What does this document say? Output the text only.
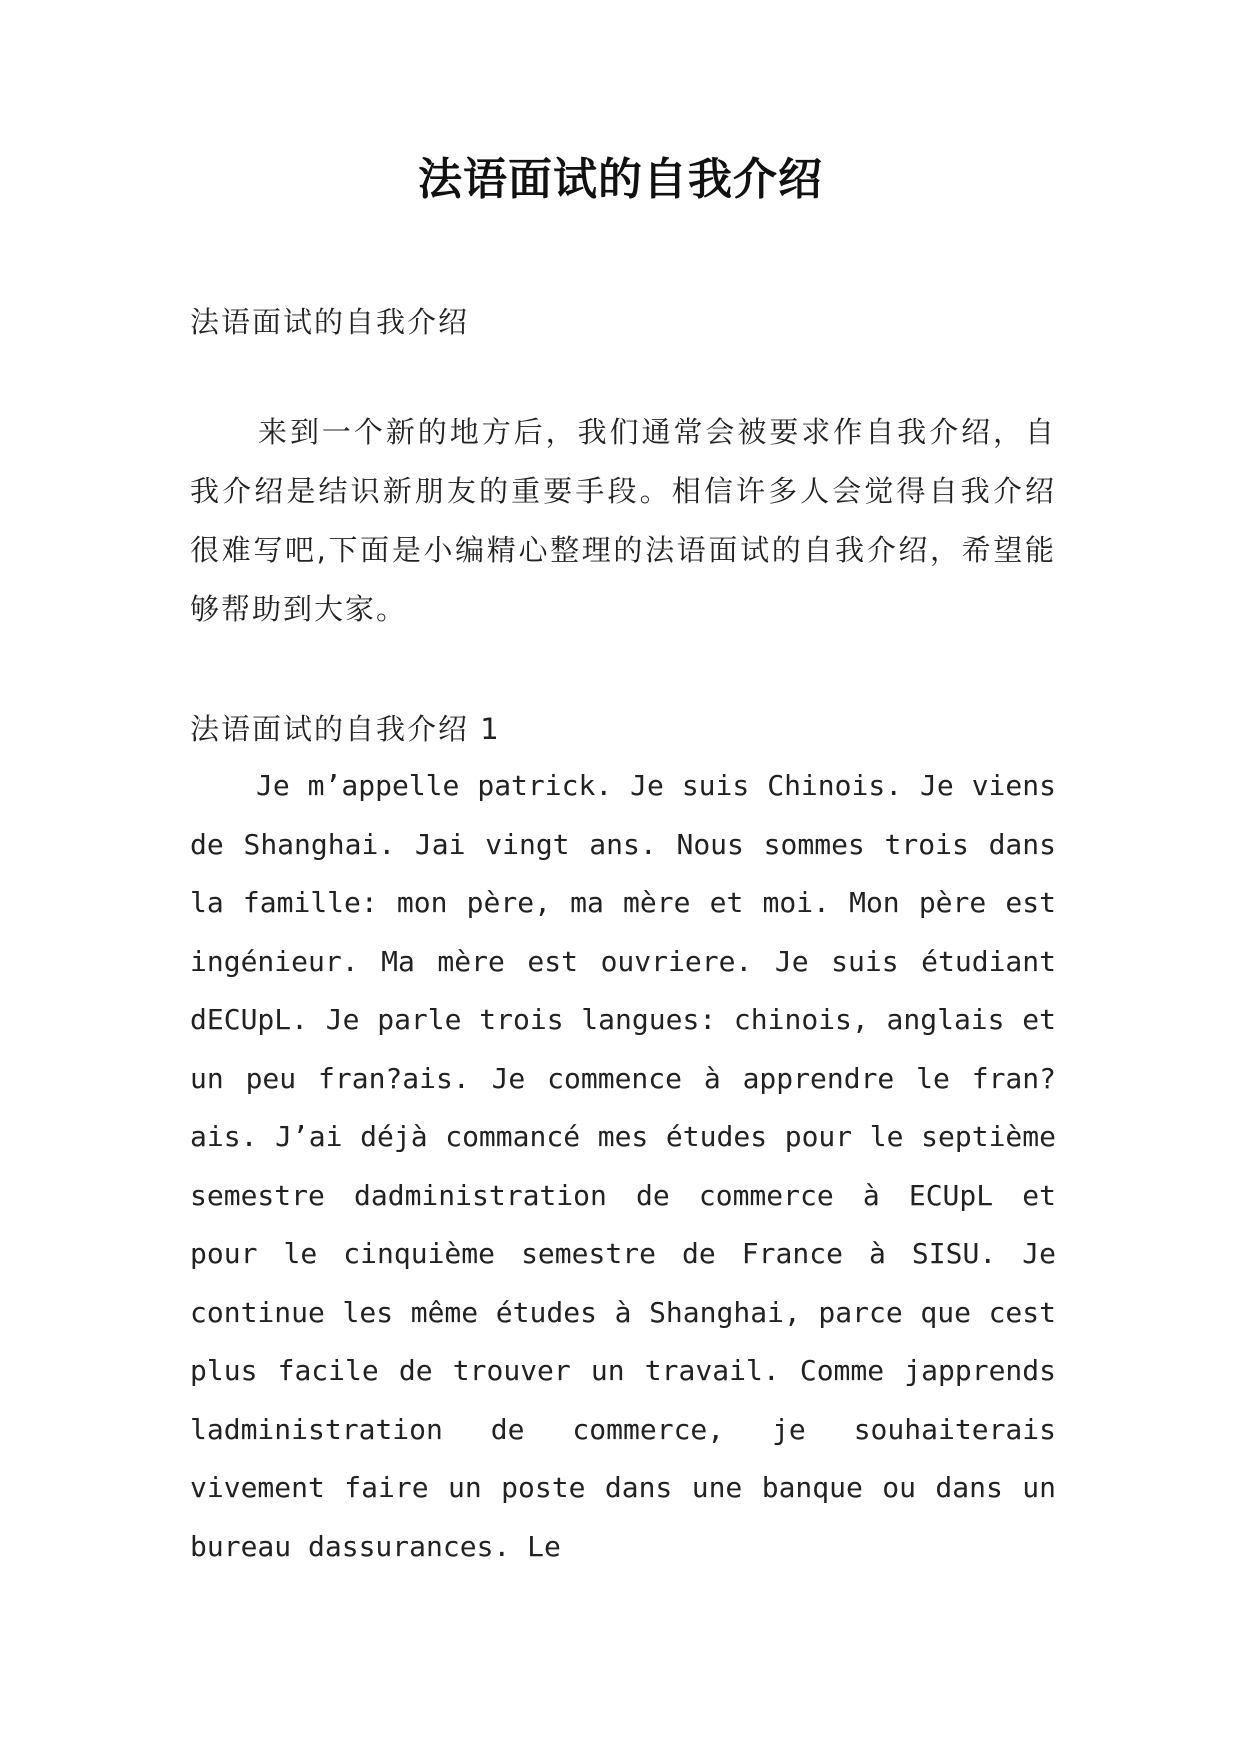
法语面试的自我介绍

法语面试的自我介绍

来到一个新的地方后，我们通常会被要求作自我介绍，自我介绍是结识新朋友的重要手段。相信许多人会觉得自我介绍很难写吧,下面是小编精心整理的法语面试的自我介绍，希望能够帮助到大家。

法语面试的自我介绍 1

Je m’appelle patrick. Je suis Chinois. Je viens de Shanghai. Jai vingt ans. Nous sommes trois dans la famille: mon père, ma mère et moi. Mon père est ingénieur. Ma mère est ouvriere. Je suis étudiant dECUpL. Je parle trois langues: chinois, anglais et un peu fran?ais. Je commence à apprendre le fran?ais. J’ai déjà commancé mes études pour le septième semestre dadministration de commerce à ECUpL et pour le cinquième semestre de France à SISU. Je continue les même études à Shanghai, parce que cest plus facile de trouver un travail. Comme japprends ladministration de commerce, je souhaiterais vivement faire un poste dans une banque ou dans un bureau dassurances. Le
